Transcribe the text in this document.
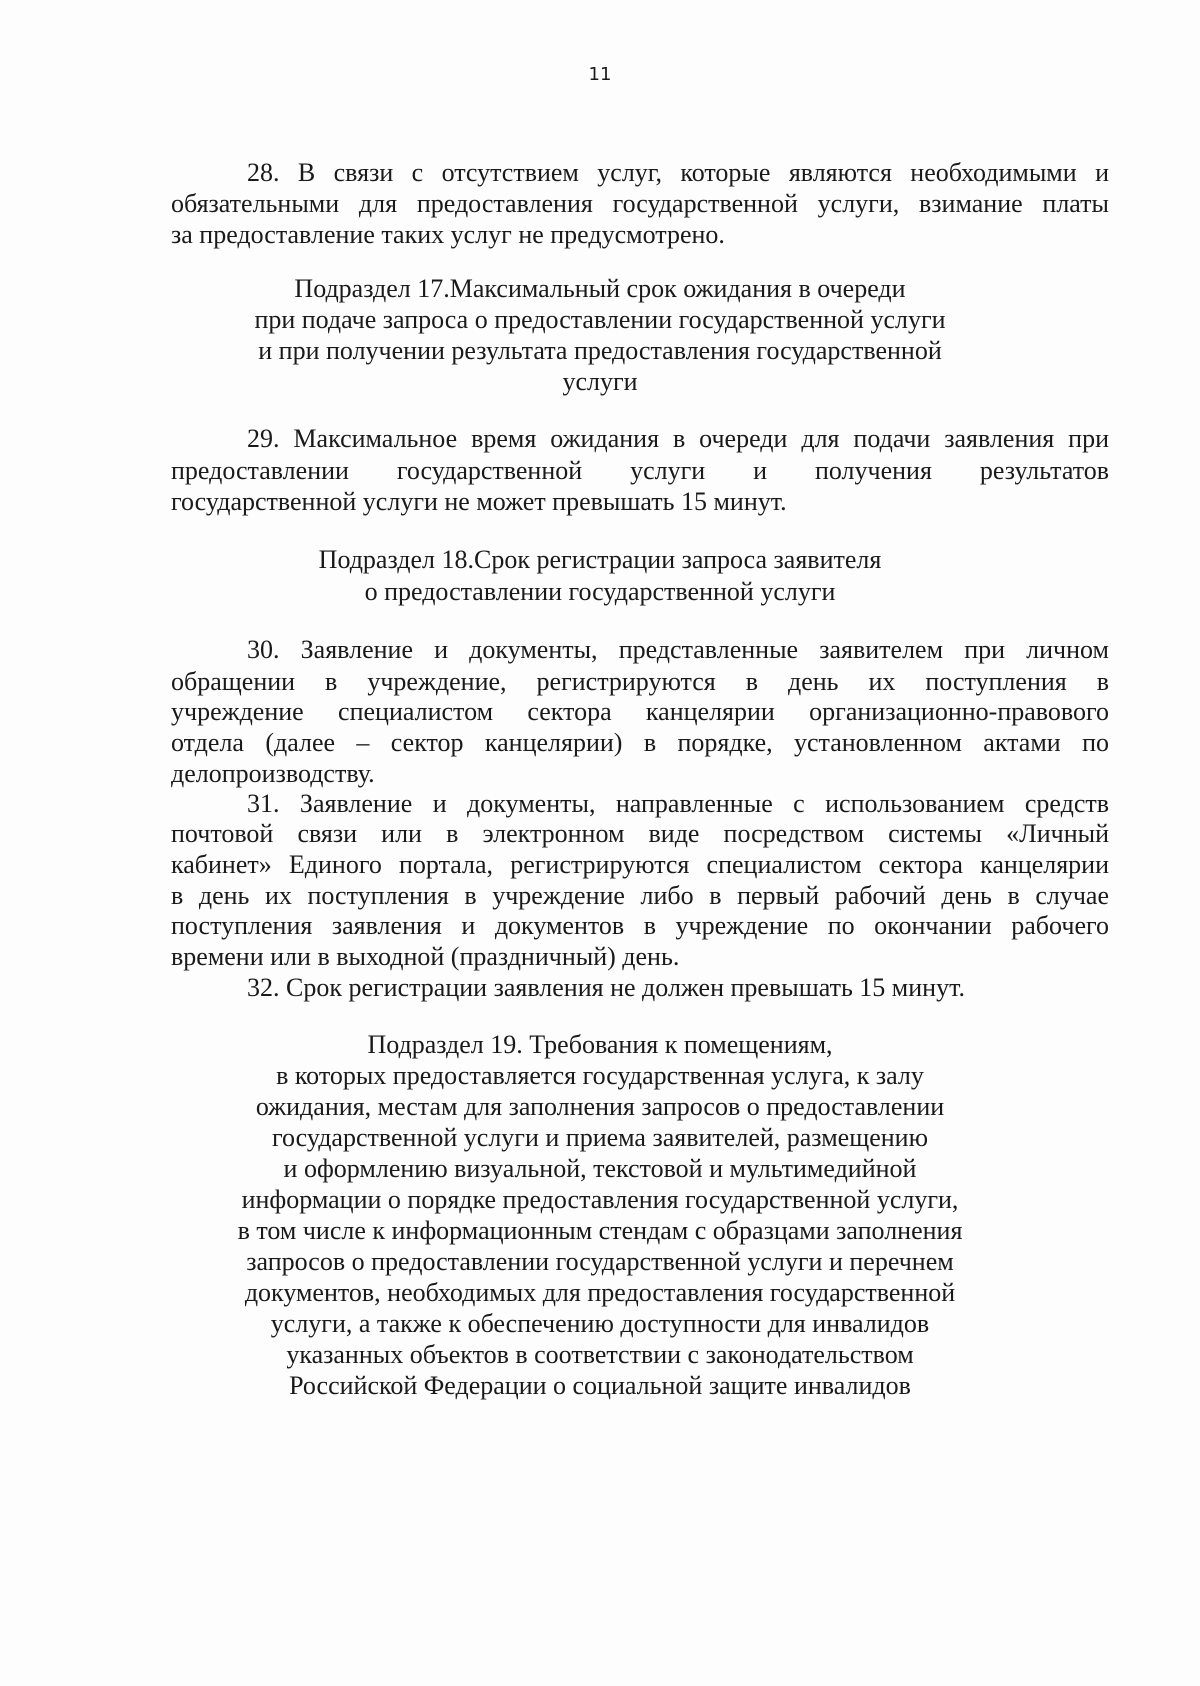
11
28. В связи с отсутствием услуг, которые являются необходимыми и
обязательными для предоставления государственной услуги, взимание платы
за предоставление таких услуг не предусмотрено.
Подраздел 17.Максимальный срок ожидания в очереди
при подаче запроса о предоставлении государственной услуги
и при получении результата предоставления государственной
услуги
29. Максимальное время ожидания в очереди для подачи заявления при
предоставлении государственной услуги и получения результатов
государственной услуги не может превышать 15 минут.
Подраздел 18.Срок регистрации запроса заявителя
о предоставлении государственной услуги
30. Заявление и документы, представленные заявителем при личном
обращении в учреждение, регистрируются в день их поступления в
учреждение специалистом сектора канцелярии организационно-правового
отдела (далее – сектор канцелярии) в порядке, установленном актами по
делопроизводству.
31. Заявление и документы, направленные с использованием средств
почтовой связи или в электронном виде посредством системы «Личный
кабинет» Единого портала, регистрируются специалистом сектора канцелярии
в день их поступления в учреждение либо в первый рабочий день в случае
поступления заявления и документов в учреждение по окончании рабочего
времени или в выходной (праздничный) день.
32. Срок регистрации заявления не должен превышать 15 минут.
Подраздел 19. Требования к помещениям,
в которых предоставляется государственная услуга, к залу
ожидания, местам для заполнения запросов о предоставлении
государственной услуги и приема заявителей, размещению
и оформлению визуальной, текстовой и мультимедийной
информации о порядке предоставления государственной услуги,
в том числе к информационным стендам с образцами заполнения
запросов о предоставлении государственной услуги и перечнем
документов, необходимых для предоставления государственной
услуги, а также к обеспечению доступности для инвалидов
указанных объектов в соответствии с законодательством
Российской Федерации о социальной защите инвалидов
